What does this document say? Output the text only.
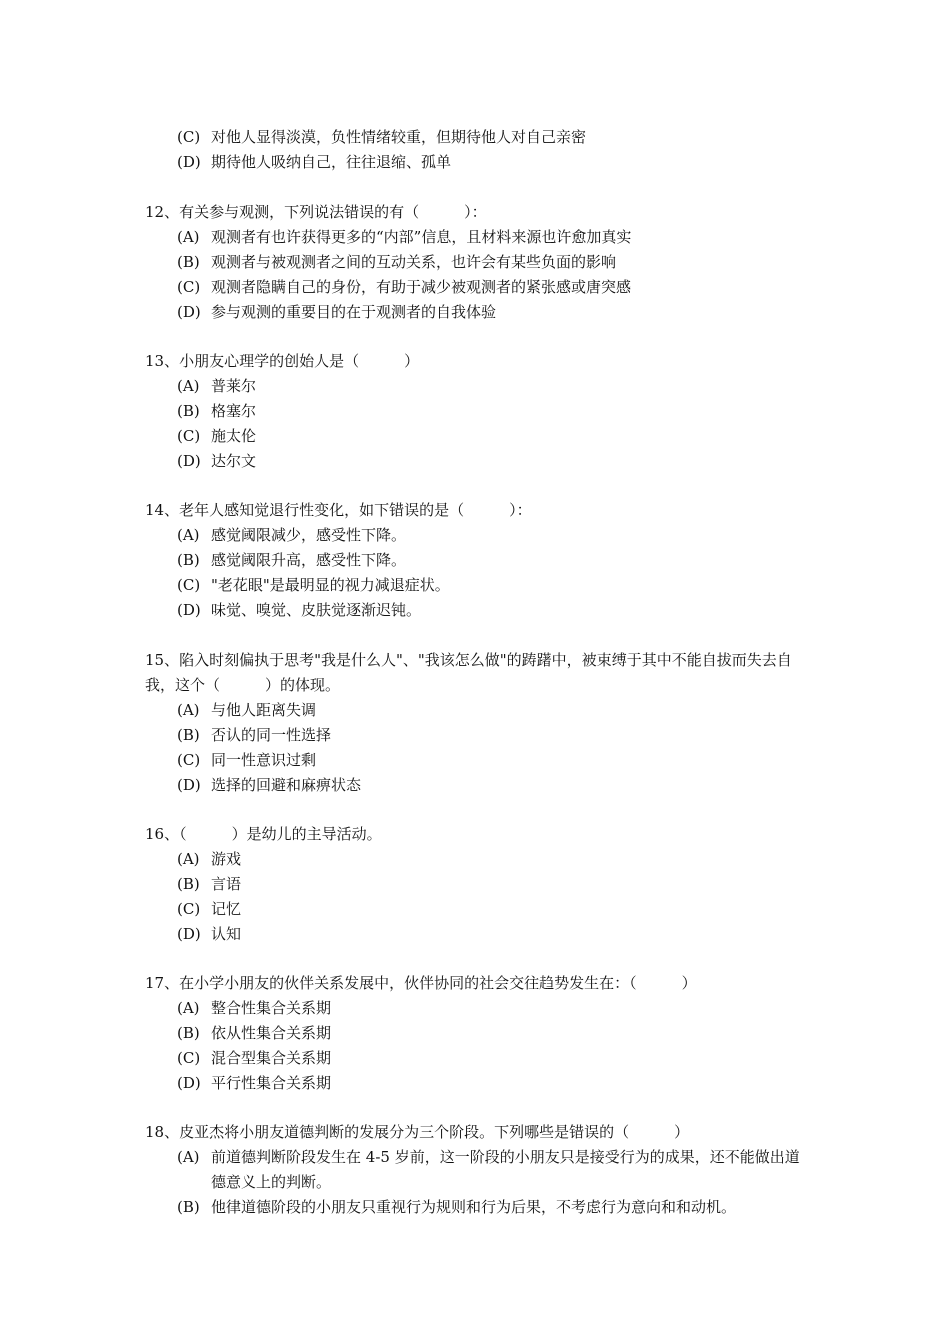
(C) 对他人显得淡漠，负性情绪较重，但期待他人对自己亲密
(D) 期待他人吸纳自己，往往退缩、孤单
12、有关参与观测，下列说法错误的有（　　　）：
(A) 观测者有也许获得更多的“内部”信息，且材料来源也许愈加真实
(B) 观测者与被观测者之间的互动关系，也许会有某些负面的影响
(C) 观测者隐瞒自己的身份，有助于减少被观测者的紧张感或唐突感
(D) 参与观测的重要目的在于观测者的自我体验
13、小朋友心理学的创始人是（　　　）
(A) 普莱尔
(B) 格塞尔
(C) 施太伦
(D) 达尔文
14、老年人感知觉退行性变化，如下错误的是（　　　）：
(A) 感觉阈限减少，感受性下降。
(B) 感觉阈限升高，感受性下降。
(C) "老花眼"是最明显的视力减退症状。
(D) 味觉、嗅觉、皮肤觉逐渐迟钝。
15、陷入时刻偏执于思考"我是什么人"、"我该怎么做"的踌躇中，被束缚于其中不能自拔而失去自我，这个（　　　）的体现。
(A) 与他人距离失调
(B) 否认的同一性选择
(C) 同一性意识过剩
(D) 选择的回避和麻痹状态
16、（　　　）是幼儿的主导活动。
(A) 游戏
(B) 言语
(C) 记忆
(D) 认知
17、在小学小朋友的伙伴关系发展中，伙伴协同的社会交往趋势发生在：（　　　）
(A) 整合性集合关系期
(B) 依从性集合关系期
(C) 混合型集合关系期
(D) 平行性集合关系期
18、皮亚杰将小朋友道德判断的发展分为三个阶段。下列哪些是错误的（　　　）
(A) 前道德判断阶段发生在 4-5 岁前，这一阶段的小朋友只是接受行为的成果，还不能做出道德意义上的判断。
(B) 他律道德阶段的小朋友只重视行为规则和行为后果，不考虑行为意向和和动机。
